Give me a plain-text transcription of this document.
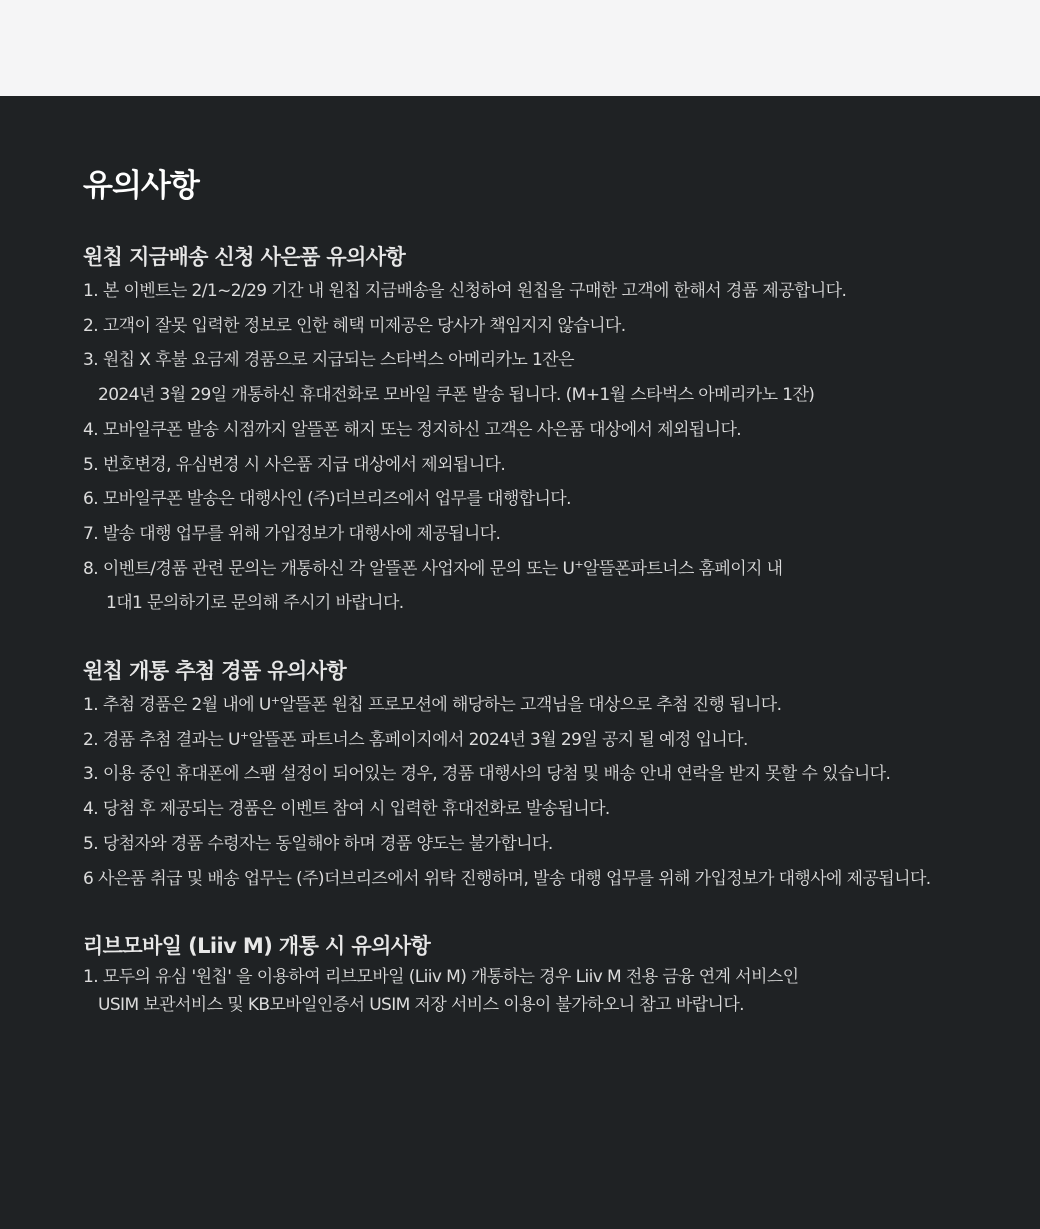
유의사항
원칩 지금배송 신청 사은품 유의사항
1. 본 이벤트는 2/1~2/29 기간 내 원칩 지금배송을 신청하여 원칩을 구매한 고객에 한해서 경품 제공합니다.
2. 고객이 잘못 입력한 정보로 인한 혜택 미제공은 당사가 책임지지 않습니다.
3. 원칩 X 후불 요금제 경품으로 지급되는 스타벅스 아메리카노 1잔은
2024년 3월 29일 개통하신 휴대전화로 모바일 쿠폰 발송 됩니다. (M+1월 스타벅스 아메리카노 1잔)
4. 모바일쿠폰 발송 시점까지 알뜰폰 해지 또는 정지하신 고객은 사은품 대상에서 제외됩니다.
5. 번호변경, 유심변경 시 사은품 지급 대상에서 제외됩니다.
6. 모바일쿠폰 발송은 대행사인 (주)더브리즈에서 업무를 대행합니다.
7. 발송 대행 업무를 위해 가입정보가 대행사에 제공됩니다.
8. 이벤트/경품 관련 문의는 개통하신 각 알뜰폰 사업자에 문의 또는 U+알뜰폰파트너스 홈페이지 내
1대1 문의하기로 문의해 주시기 바랍니다.
원칩 개통 추첨 경품 유의사항
1. 추첨 경품은 2월 내에 U+알뜰폰 원칩 프로모션에 해당하는 고객님을 대상으로 추첨 진행 됩니다.
2. 경품 추첨 결과는 U+알뜰폰 파트너스 홈페이지에서 2024년 3월 29일 공지 될 예정 입니다.
3. 이용 중인 휴대폰에 스팸 설정이 되어있는 경우, 경품 대행사의 당첨 및 배송 안내 연락을 받지 못할 수 있습니다.
4. 당첨 후 제공되는 경품은 이벤트 참여 시 입력한 휴대전화로 발송됩니다.
5. 당첨자와 경품 수령자는 동일해야 하며 경품 양도는 불가합니다.
6 사은품 취급 및 배송 업무는 (주)더브리즈에서 위탁 진행하며, 발송 대행 업무를 위해 가입정보가 대행사에 제공됩니다.
리브모바일 (Liiv M) 개통 시 유의사항
1. 모두의 유심 '원칩' 을 이용하여 리브모바일 (Liiv M) 개통하는 경우 Liiv M 전용 금융 연계 서비스인
USIM 보관서비스 및 KB모바일인증서 USIM 저장 서비스 이용이 불가하오니 참고 바랍니다.
